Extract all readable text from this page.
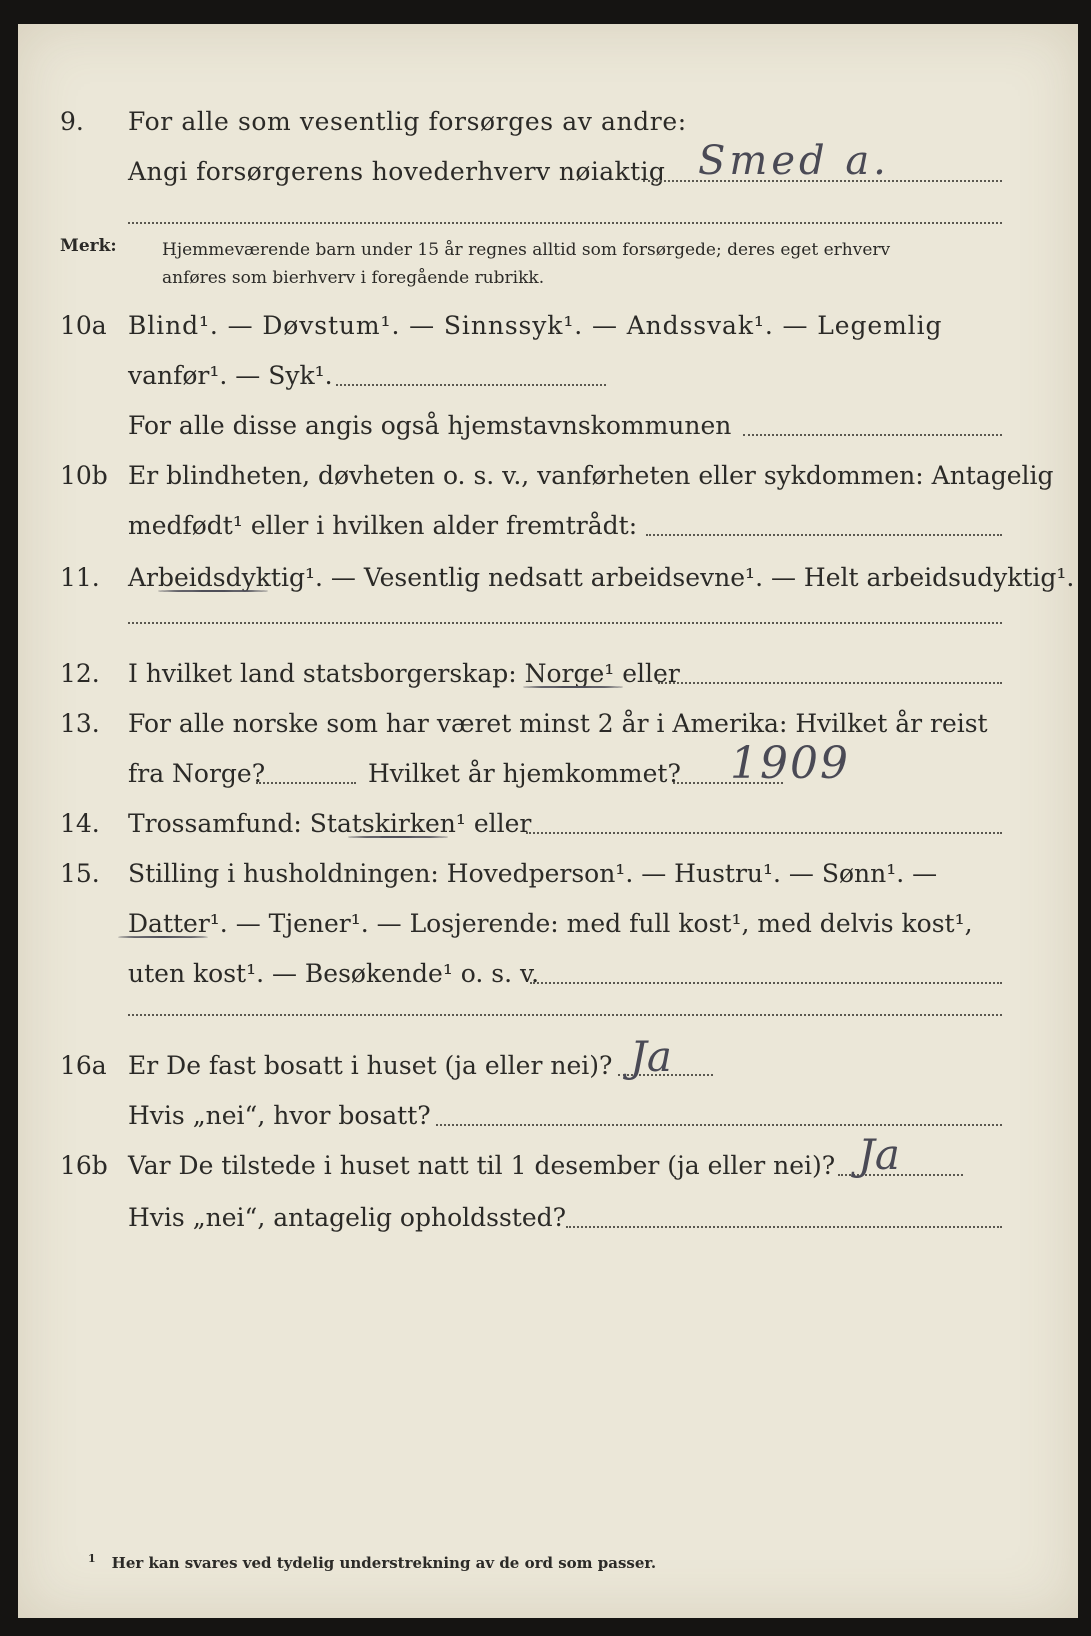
9. For alle som vesentlig forsørges av andre:
Angi forsørgerens hovederhverv nøiaktig Smed a.
Merk:	Hjemmeværende barn under 15 år regnes alltid som forsørgede; deres eget erhverv
anføres som bierhverv i foregående rubrikk.
10a Blind¹. — Døvstum¹. — Sinnssyk¹. — Andssvak¹. — Legemlig
vanfør¹. — Syk¹.
For alle disse angis også hjemstavnskommunen
10b Er blindheten, døvheten o. s. v., vanførheten eller sykdommen: Antagelig
medfødt¹ eller i hvilken alder fremtrådt:
11. Arbeidsdyktig¹. — Vesentlig nedsatt arbeidsevne¹. — Helt arbeidsudyktig¹.
12. I hvilket land statsborgerskap: Norge¹ eller
13. For alle norske som har været minst 2 år i Amerika: Hvilket år reist
fra Norge?	Hvilket år hjemkommet? 1909
14. Trossamfund: Statskirken¹ eller
15. Stilling i husholdningen: Hovedperson¹. — Hustru¹. — Sønn¹. —
Datter¹. — Tjener¹. — Losjerende: med full kost¹, med delvis kost¹,
uten kost¹. — Besøkende¹ o. s. v.
16a Er De fast bosatt i huset (ja eller nei)? Ja
Hvis „nei“, hvor bosatt?
16b Var De tilstede i huset natt til 1 desember (ja eller nei)? Ja
Hvis „nei“, antagelig opholdssted?
$^1$ Her kan svares ved tydelig understrekning av de ord som passer.
